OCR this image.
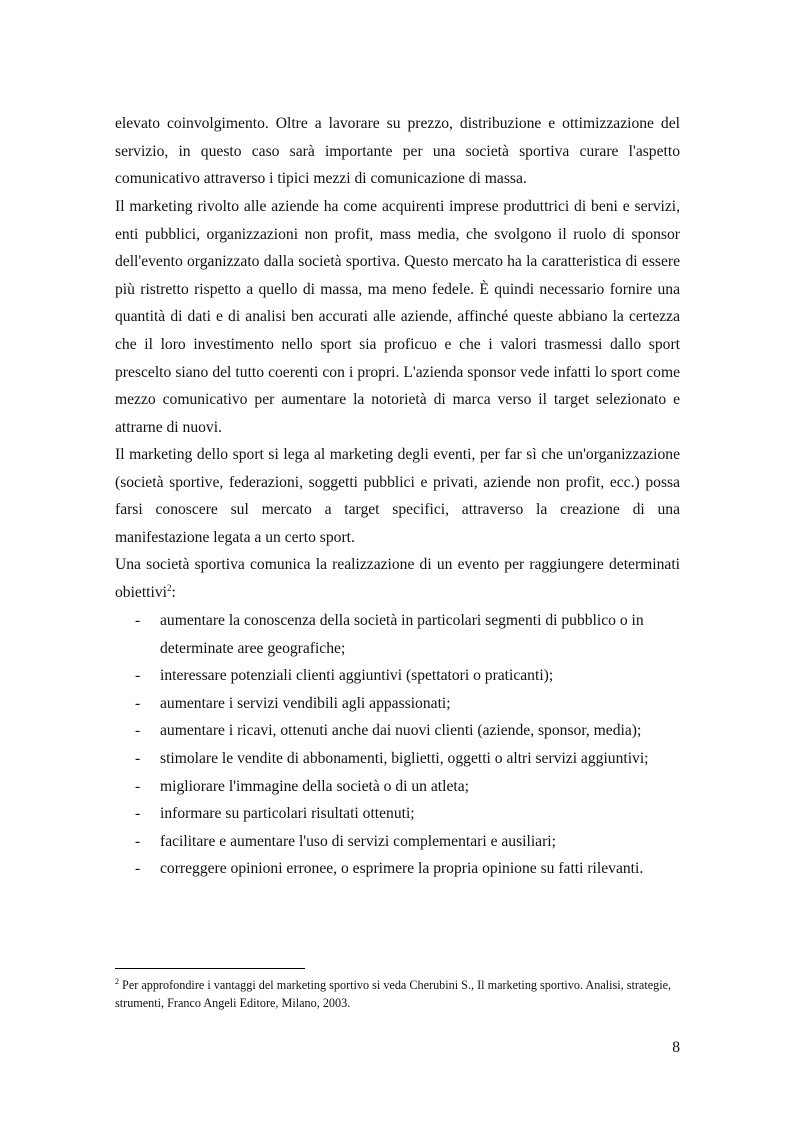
elevato coinvolgimento. Oltre a lavorare su prezzo, distribuzione e ottimizzazione del servizio, in questo caso sarà importante per una società sportiva curare l'aspetto comunicativo attraverso i tipici mezzi di comunicazione di massa.

Il marketing rivolto alle aziende ha come acquirenti imprese produttrici di beni e servizi, enti pubblici, organizzazioni non profit, mass media, che svolgono il ruolo di sponsor dell'evento organizzato dalla società sportiva. Questo mercato ha la caratteristica di essere più ristretto rispetto a quello di massa, ma meno fedele. È quindi necessario fornire una quantità di dati e di analisi ben accurati alle aziende, affinché queste abbiano la certezza che il loro investimento nello sport sia proficuo e che i valori trasmessi dallo sport prescelto siano del tutto coerenti con i propri. L'azienda sponsor vede infatti lo sport come mezzo comunicativo per aumentare la notorietà di marca verso il target selezionato e attrarne di nuovi.

Il marketing dello sport si lega al marketing degli eventi, per far sì che un'organizzazione (società sportive, federazioni, soggetti pubblici e privati, aziende non profit, ecc.) possa farsi conoscere sul mercato a target specifici, attraverso la creazione di una manifestazione legata a un certo sport.

Una società sportiva comunica la realizzazione di un evento per raggiungere determinati obiettivi$^2$:

- aumentare la conoscenza della società in particolari segmenti di pubblico o in determinate aree geografiche;
- interessare potenziali clienti aggiuntivi (spettatori o praticanti);
- aumentare i servizi vendibili agli appassionati;
- aumentare i ricavi, ottenuti anche dai nuovi clienti (aziende, sponsor, media);
- stimolare le vendite di abbonamenti, biglietti, oggetti o altri servizi aggiuntivi;
- migliorare l'immagine della società o di un atleta;
- informare su particolari risultati ottenuti;
- facilitare e aumentare l'uso di servizi complementari e ausiliari;
- correggere opinioni erronee, o esprimere la propria opinione su fatti rilevanti.

$^2$ Per approfondire i vantaggi del marketing sportivo si veda Cherubini S., Il marketing sportivo. Analisi, strategie, strumenti, Franco Angeli Editore, Milano, 2003.

8
